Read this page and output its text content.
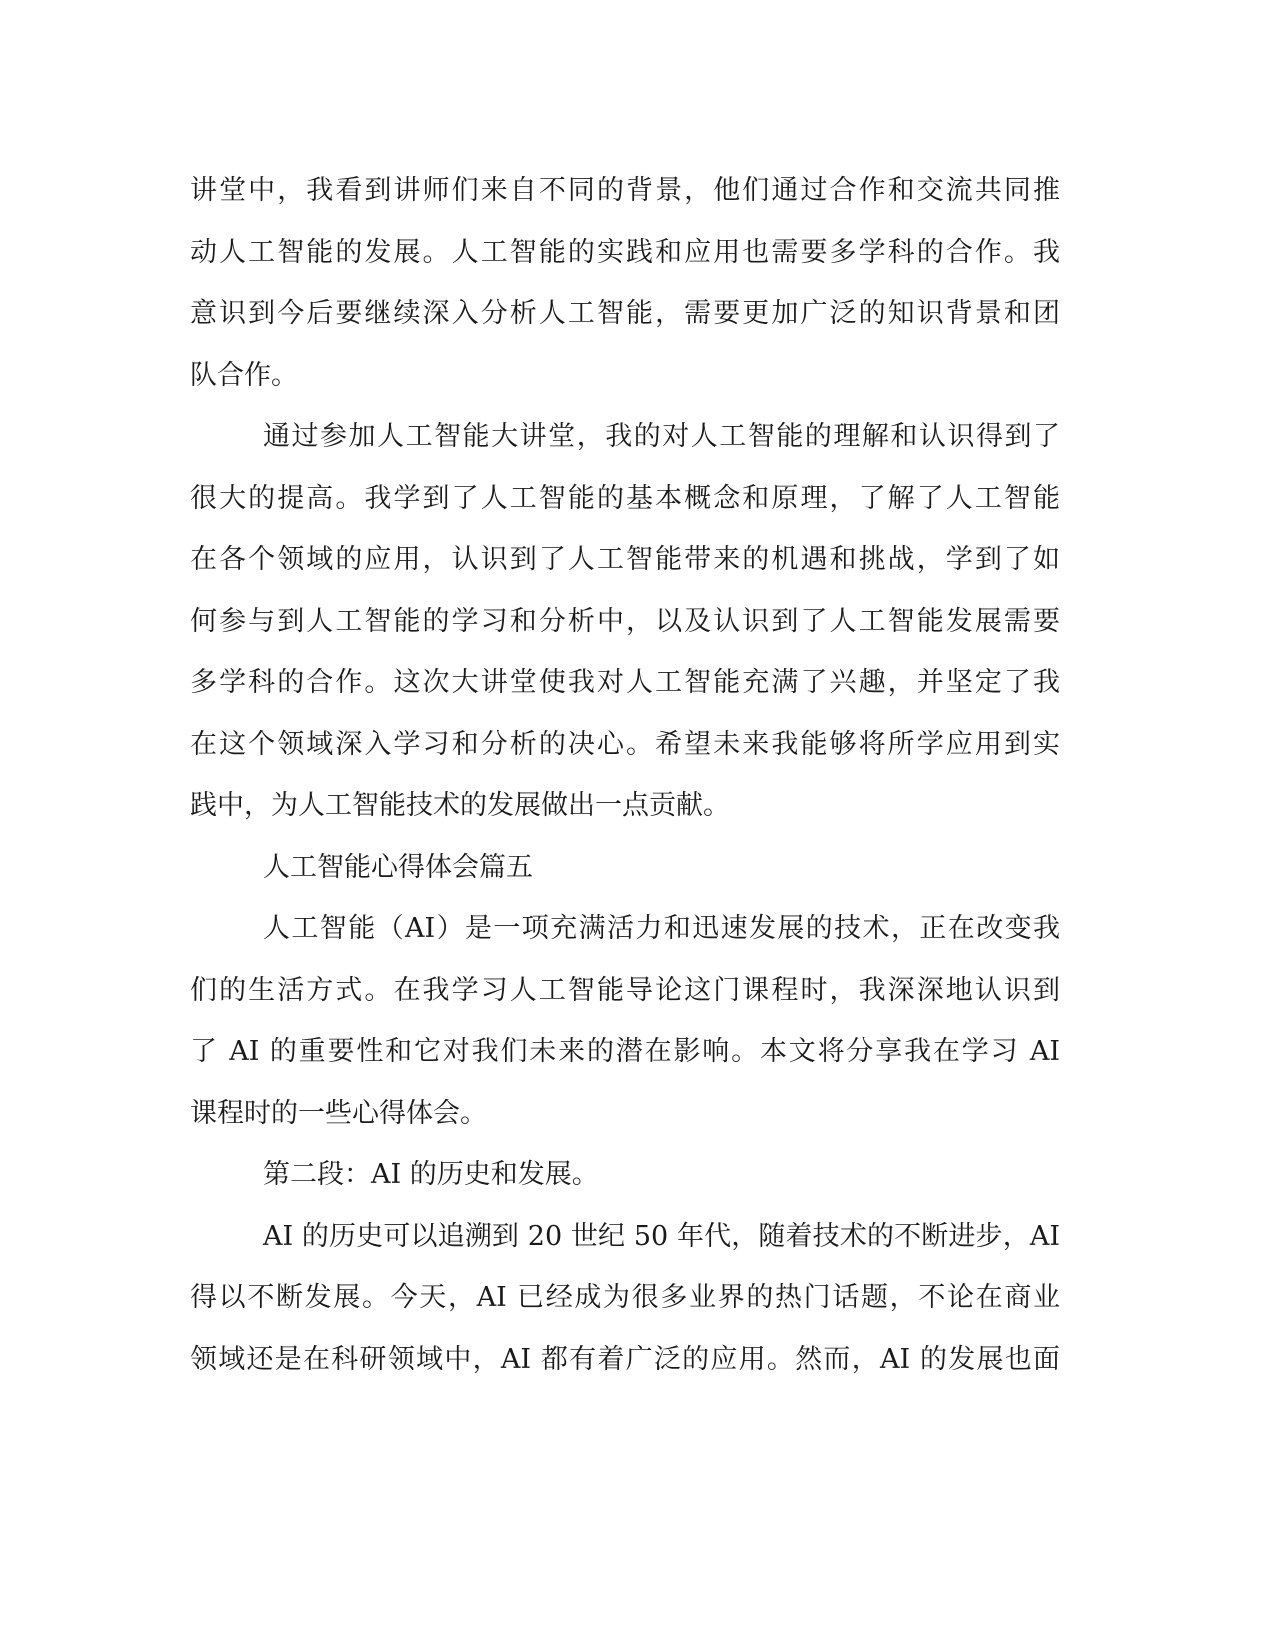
讲堂中，我看到讲师们来自不同的背景，他们通过合作和交流共同推
动人工智能的发展。人工智能的实践和应用也需要多学科的合作。我
意识到今后要继续深入分析人工智能，需要更加广泛的知识背景和团
队合作。
通过参加人工智能大讲堂，我的对人工智能的理解和认识得到了
很大的提高。我学到了人工智能的基本概念和原理，了解了人工智能
在各个领域的应用，认识到了人工智能带来的机遇和挑战，学到了如
何参与到人工智能的学习和分析中，以及认识到了人工智能发展需要
多学科的合作。这次大讲堂使我对人工智能充满了兴趣，并坚定了我
在这个领域深入学习和分析的决心。希望未来我能够将所学应用到实
践中，为人工智能技术的发展做出一点贡献。
人工智能心得体会篇五
人工智能（AI）是一项充满活力和迅速发展的技术，正在改变我
们的生活方式。在我学习人工智能导论这门课程时，我深深地认识到
了 AI 的重要性和它对我们未来的潜在影响。本文将分享我在学习 AI
课程时的一些心得体会。
第二段：AI 的历史和发展。
AI 的历史可以追溯到 20 世纪 50 年代，随着技术的不断进步，AI
得以不断发展。今天，AI 已经成为很多业界的热门话题，不论在商业
领域还是在科研领域中，AI 都有着广泛的应用。然而，AI 的发展也面
